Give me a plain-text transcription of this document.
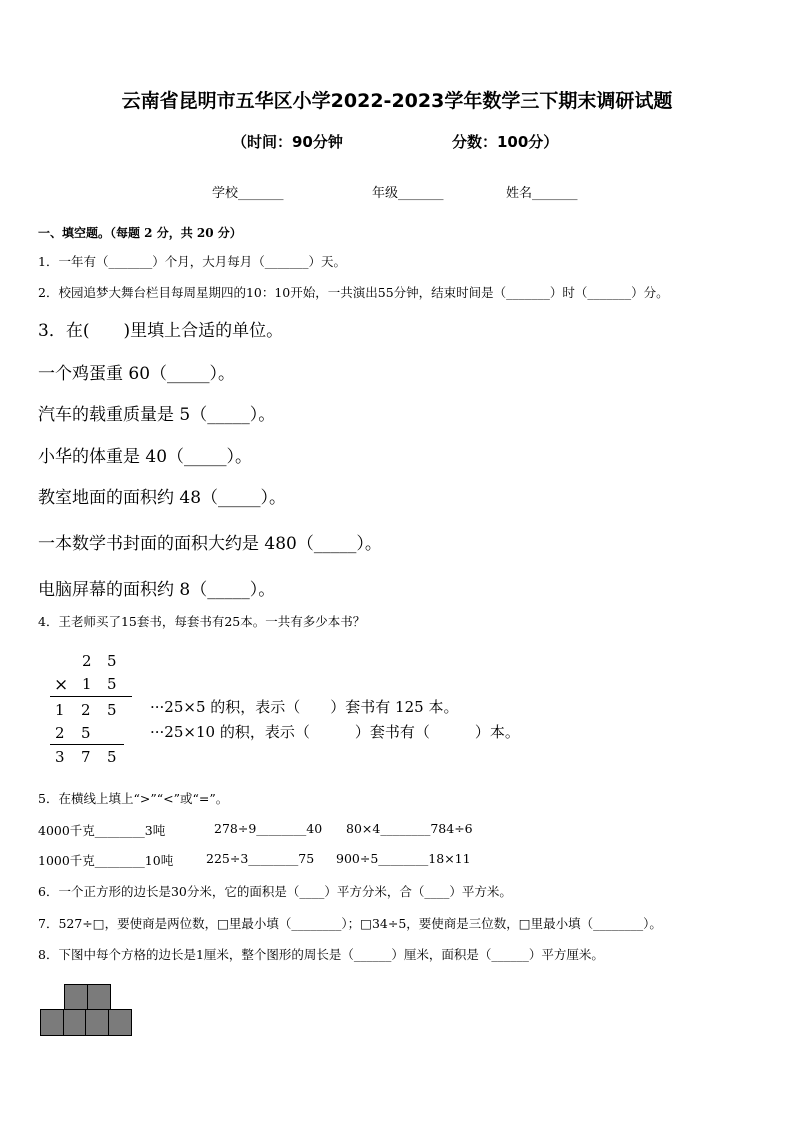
云南省昆明市五华区小学2022-2023学年数学三下期末调研试题
（时间：90分钟	分数：100分）
学校_______	年级_______	姓名_______
一、填空题。（每题 2 分，共 20 分）
1．一年有（_______）个月，大月每月（_______）天。
2．校园追梦大舞台栏目每周星期四的10：10开始，一共演出55分钟，结束时间是（_______）时（_______）分。
3．在(　　)里填上合适的单位。
一个鸡蛋重 60（_____）。
汽车的载重质量是 5（_____）。
小华的体重是 40（_____）。
教室地面的面积约 48（_____）。
一本数学书封面的面积大约是 480（_____）。
电脑屏幕的面积约 8（_____）。
4．王老师买了15套书，每套书有25本。一共有多少本书？
2 5
× 1 5
1 2 5
2 5
3 7 5
···25×5 的积，表示（　　）套书有 125 本。
···25×10 的积，表示（　　　）套书有（　　　）本。
5．在横线上填上“>”“<”或“=”。
4000千克________3吨	278÷9________40 80×4________784÷6
1000千克________10吨	225÷3________75 900÷5________18×11
6．一个正方形的边长是30分米，它的面积是（____）平方分米，合（____）平方米。
7．527÷□，要使商是两位数，□里最小填（________）；□34÷5，要使商是三位数，□里最小填（________）。
8．下图中每个方格的边长是1厘米，整个图形的周长是（______）厘米，面积是（______）平方厘米。
